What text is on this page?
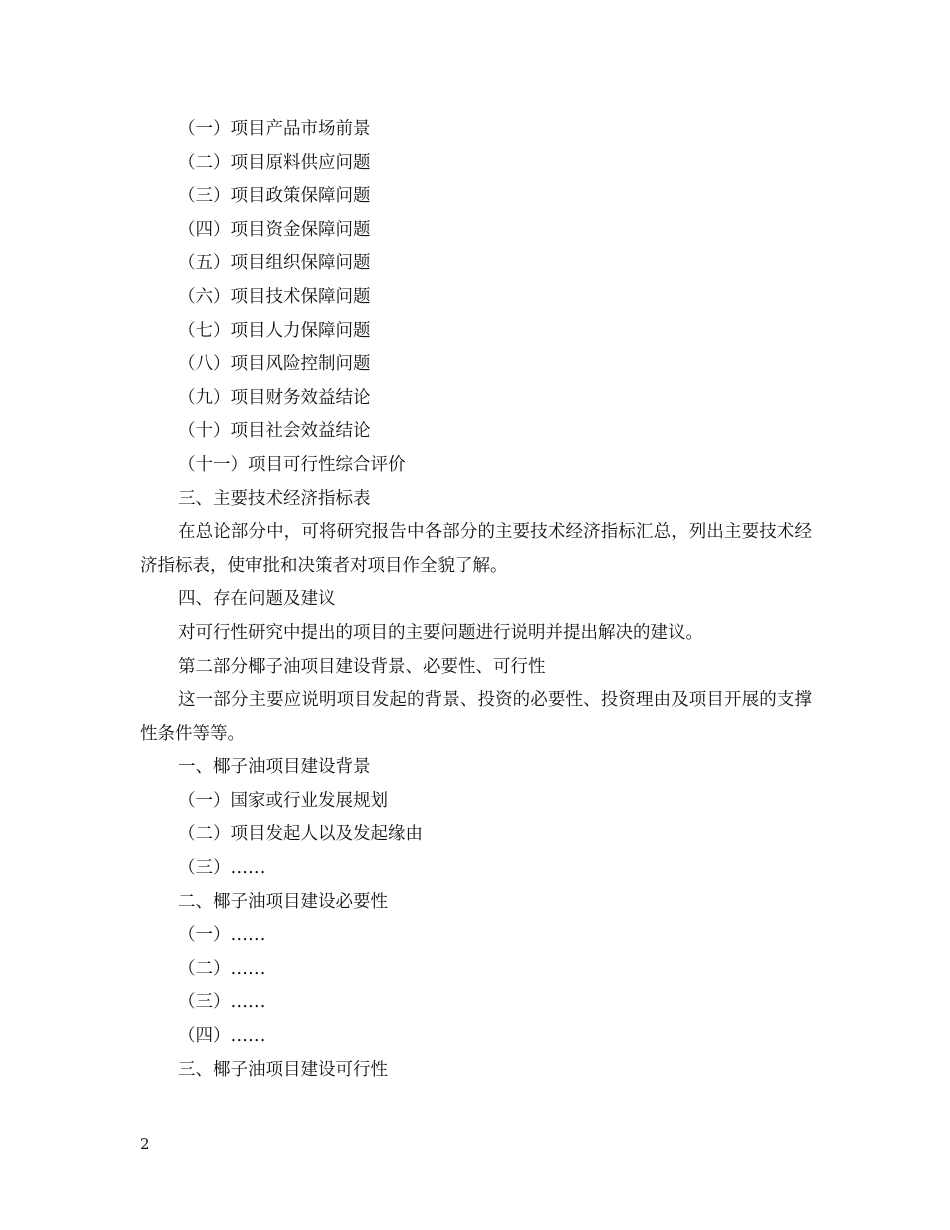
（一）项目产品市场前景

（二）项目原料供应问题

（三）项目政策保障问题

（四）项目资金保障问题

（五）项目组织保障问题

（六）项目技术保障问题

（七）项目人力保障问题

（八）项目风险控制问题

（九）项目财务效益结论

（十）项目社会效益结论

（十一）项目可行性综合评价

三、主要技术经济指标表

在总论部分中，可将研究报告中各部分的主要技术经济指标汇总，列出主要技术经济指标表，使审批和决策者对项目作全貌了解。

四、存在问题及建议

对可行性研究中提出的项目的主要问题进行说明并提出解决的建议。

第二部分椰子油项目建设背景、必要性、可行性

这一部分主要应说明项目发起的背景、投资的必要性、投资理由及项目开展的支撑性条件等等。

一、椰子油项目建设背景

（一）国家或行业发展规划

（二）项目发起人以及发起缘由

（三）……

二、椰子油项目建设必要性

（一）……

（二）……

（三）……

（四）……

三、椰子油项目建设可行性

2
